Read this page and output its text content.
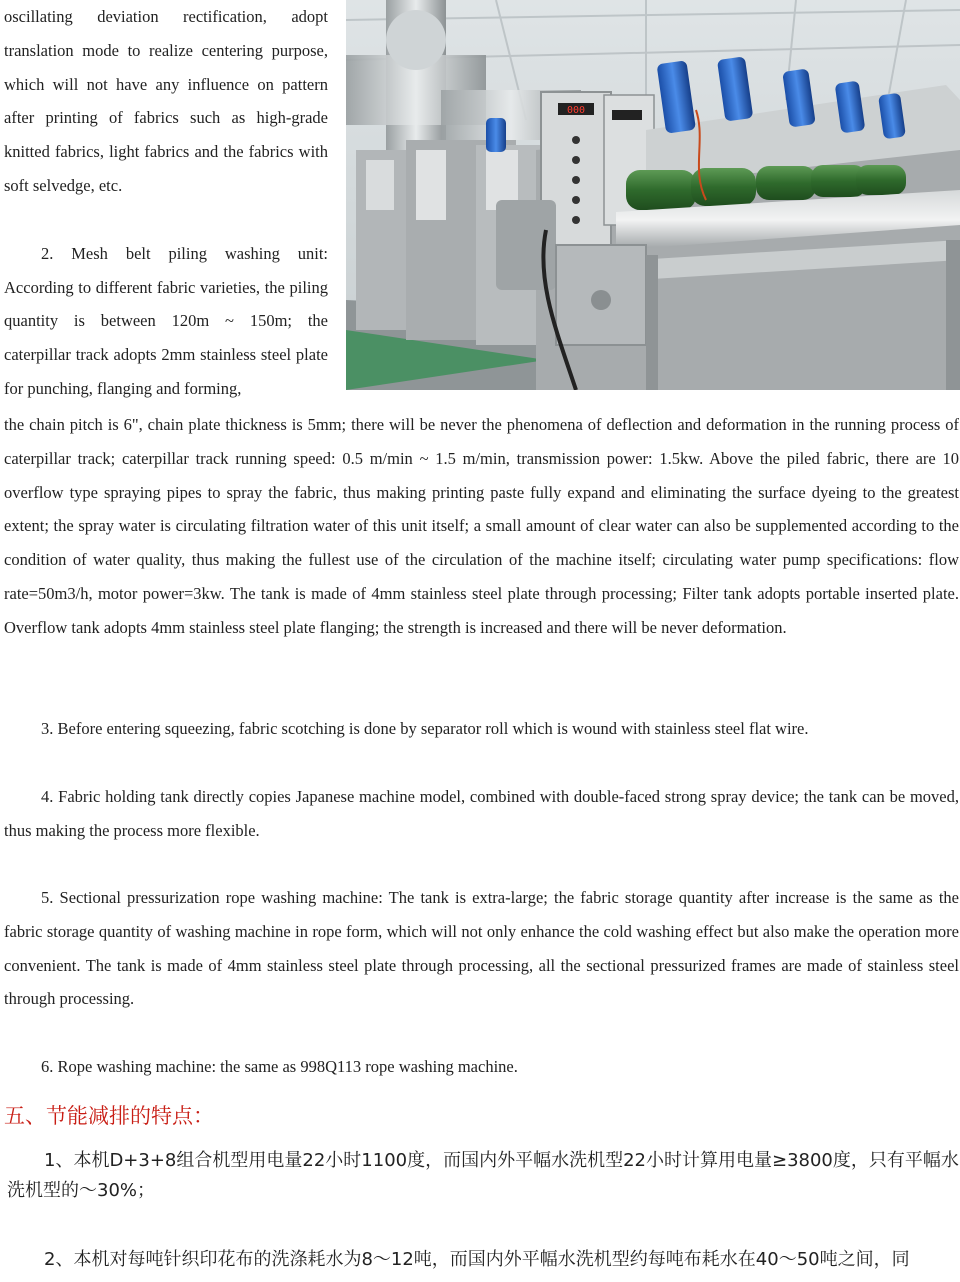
oscillating deviation rectification, adopt translation mode to realize centering purpose, which will not have any influence on pattern after printing of fabrics such as high-grade knitted fabrics, light fabrics and the fabrics with soft selvedge, etc.

2. Mesh belt piling washing unit: According to different fabric varieties, the piling quantity is between 120m ~ 150m; the caterpillar track adopts 2mm stainless steel plate for punching, flanging and forming,

000

the chain pitch is 6", chain plate thickness is 5mm; there will be never the phenomena of deflection and deformation in the running process of caterpillar track; caterpillar track running speed: 0.5 m/min ~ 1.5 m/min, transmission power: 1.5kw. Above the piled fabric, there are 10 overflow type spraying pipes to spray the fabric, thus making printing paste fully expand and eliminating the surface dyeing to the greatest extent; the spray water is circulating filtration water of this unit itself; a small amount of clear water can also be supplemented according to the condition of water quality, thus making the fullest use of the circulation of the machine itself; circulating water pump specifications: flow rate=50m3/h, motor power=3kw. The tank is made of 4mm stainless steel plate through processing; Filter tank adopts portable inserted plate. Overflow tank adopts 4mm stainless steel plate flanging; the strength is increased and there will be never deformation.

3. Before entering squeezing, fabric scotching is done by separator roll which is wound with stainless steel flat wire.

4. Fabric holding tank directly copies Japanese machine model, combined with double-faced strong spray device; the tank can be moved, thus making the process more flexible.

5. Sectional pressurization rope washing machine: The tank is extra-large; the fabric storage quantity after increase is the same as the fabric storage quantity of washing machine in rope form, which will not only enhance the cold washing effect but also make the operation more convenient. The tank is made of 4mm stainless steel plate through processing, all the sectional pressurized frames are made of stainless steel through processing.

6. Rope washing machine: the same as 998Q113 rope washing machine.

五、节能减排的特点：

1、本机D+3+8组合机型用电量22小时1100度，而国内外平幅水洗机型22小时计算用电量≥3800度，只有平幅水洗机型的～30%；

2、本机对每吨针织印花布的洗涤耗水为8～12吨，而国内外平幅水洗机型约每吨布耗水在40～50吨之间，同
